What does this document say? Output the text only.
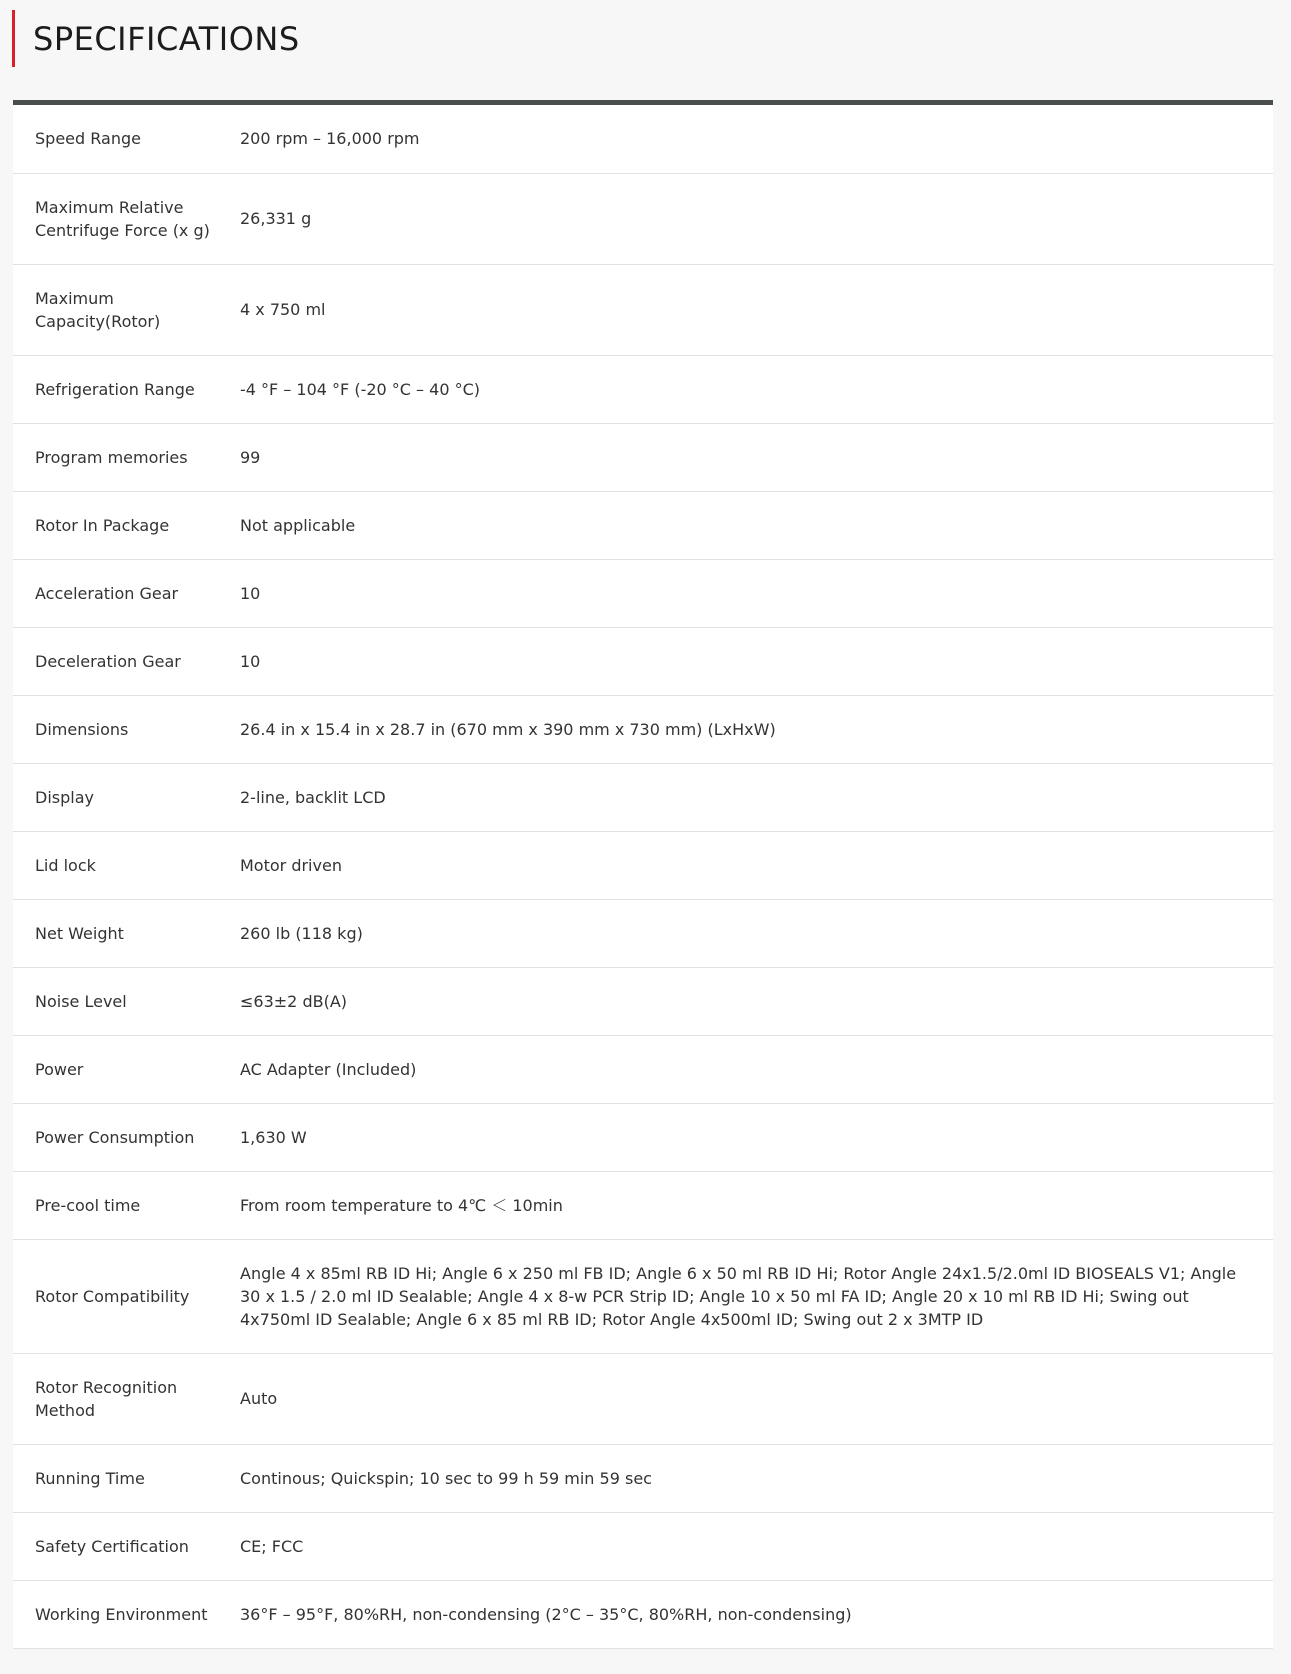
SPECIFICATIONS
Speed Range	200 rpm – 16,000 rpm
Maximum Relative Centrifuge Force (x g)	26,331 g
Maximum Capacity(Rotor)	4 x 750 ml
Refrigeration Range	-4 °F – 104 °F (-20 °C – 40 °C)
Program memories	99
Rotor In Package	Not applicable
Acceleration Gear	10
Deceleration Gear	10
Dimensions	26.4 in x 15.4 in x 28.7 in (670 mm x 390 mm x 730 mm) (LxHxW)
Display	2-line, backlit LCD
Lid lock	Motor driven
Net Weight	260 lb (118 kg)
Noise Level	≤63±2 dB(A)
Power	AC Adapter (Included)
Power Consumption	1,630 W
Pre-cool time	From room temperature to 4℃ ＜ 10min
Rotor Compatibility	Angle 4 x 85ml RB ID Hi; Angle 6 x 250 ml FB ID; Angle 6 x 50 ml RB ID Hi; Rotor Angle 24x1.5/2.0ml ID BIOSEALS V1; Angle 30 x 1.5 / 2.0 ml ID Sealable; Angle 4 x 8-w PCR Strip ID; Angle 10 x 50 ml FA ID; Angle 20 x 10 ml RB ID Hi; Swing out 4x750ml ID Sealable; Angle 6 x 85 ml RB ID; Rotor Angle 4x500ml ID; Swing out 2 x 3MTP ID
Rotor Recognition Method	Auto
Running Time	Continous; Quickspin; 10 sec to 99 h 59 min 59 sec
Safety Certification	CE; FCC
Working Environment	36°F – 95°F, 80%RH, non-condensing (2°C – 35°C, 80%RH, non-condensing)
